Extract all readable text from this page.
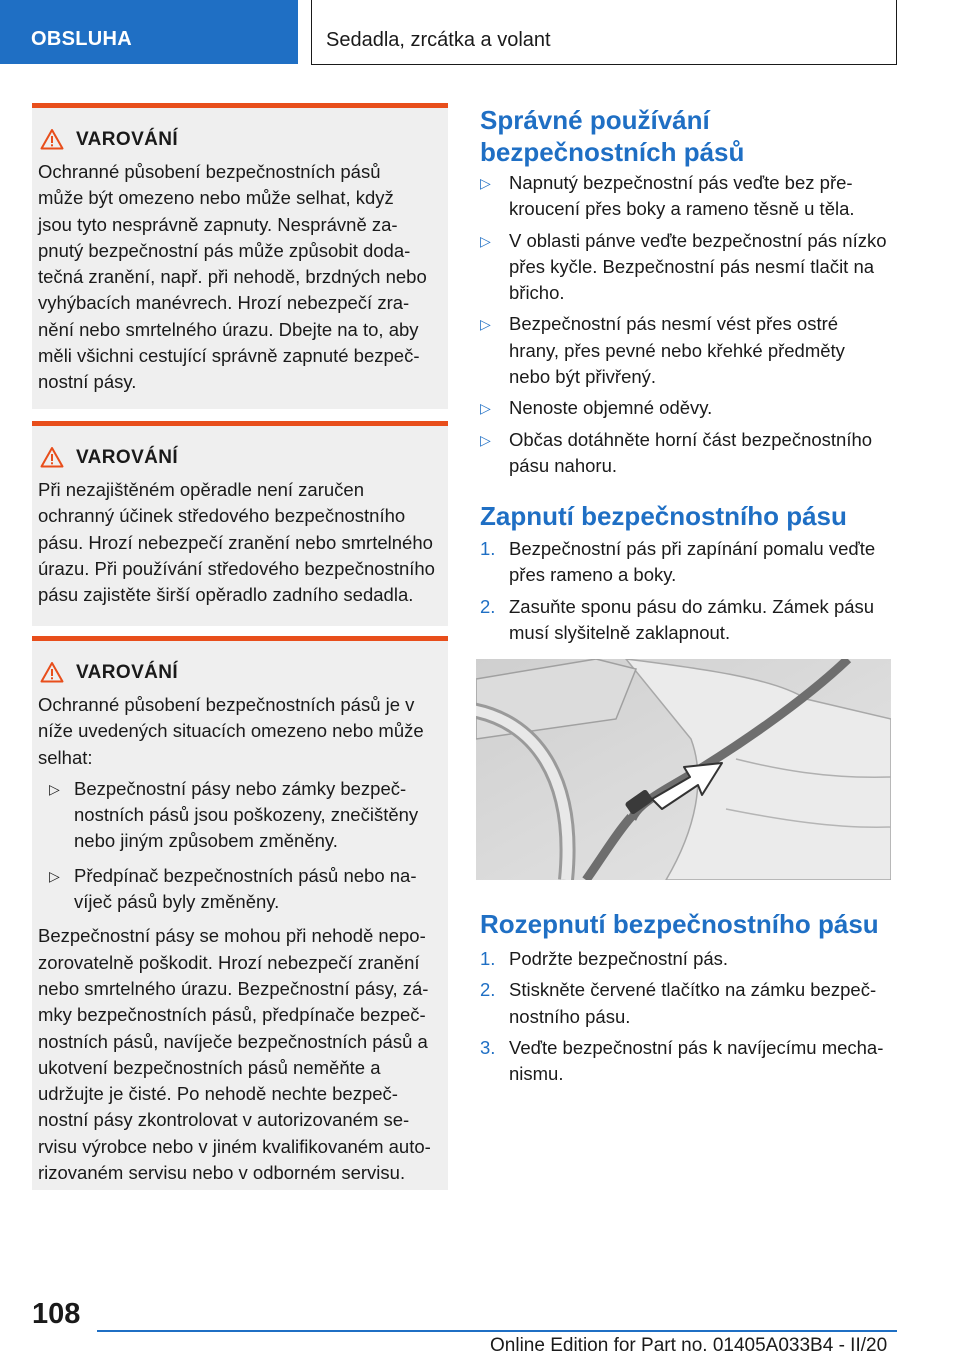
OBSLUHA	Sedadla, zrcátka a volant
VAROVÁNÍ

Ochranné působení bezpečnostních pásů
může být omezeno nebo může selhat, když
jsou tyto nesprávně zapnuty. Nesprávně za‐
pnutý bezpečnostní pás může způsobit doda‐
tečná zranění, např. při nehodě, brzdných nebo
vyhýbacích manévrech. Hrozí nebezpečí zra‐
nění nebo smrtelného úrazu. Dbejte na to, aby
měli všichni cestující správně zapnuté bezpeč‐
nostní pásy.

VAROVÁNÍ

Při nezajištěném opěradle není zaručen
ochranný účinek středového bezpečnostního
pásu. Hrozí nebezpečí zranění nebo smrtelného
úrazu. Při používání středového bezpečnostního
pásu zajistěte širší opěradlo zadního sedadla.

VAROVÁNÍ

Ochranné působení bezpečnostních pásů je v
níže uvedených situacích omezeno nebo může
selhat:

▷ Bezpečnostní pásy nebo zámky bezpeč‐
nostních pásů jsou poškozeny, znečištěny
nebo jiným způsobem změněny.
▷ Předpínač bezpečnostních pásů nebo na‐
víječ pásů byly změněny.

Bezpečnostní pásy se mohou při nehodě nepo‐
zorovatelně poškodit. Hrozí nebezpečí zranění
nebo smrtelného úrazu. Bezpečnostní pásy, zá‐
mky bezpečnostních pásů, předpínače bezpeč‐
nostních pásů, navíječe bezpečnostních pásů a
ukotvení bezpečnostních pásů neměňte a
udržujte je čisté. Po nehodě nechte bezpeč‐
nostní pásy zkontrolovat v autorizovaném se‐
rvisu výrobce nebo v jiném kvalifikovaném auto‐
rizovaném servisu nebo v odborném servisu.

Správné používání
bezpečnostních pásů
▷ Napnutý bezpečnostní pás veďte bez pře‐
kroucení přes boky a rameno těsně u těla.
▷ V oblasti pánve veďte bezpečnostní pás nízko
přes kyčle. Bezpečnostní pás nesmí tlačit na
břicho.
▷ Bezpečnostní pás nesmí vést přes ostré
hrany, přes pevné nebo křehké předměty
nebo být přivřený.
▷ Nenoste objemné oděvy.
▷ Občas dotáhněte horní část bezpečnostního
pásu nahoru.
Zapnutí bezpečnostního pásu
1. Bezpečnostní pás při zapínání pomalu veďte
přes rameno a boky.
2. Zasuňte sponu pásu do zámku. Zámek pásu
musí slyšitelně zaklapnout.
Rozepnutí bezpečnostního pásu
1. Podržte bezpečnostní pás.
2. Stiskněte červené tlačítko na zámku bezpeč‐
nostního pásu.
3. Veďte bezpečnostní pás k navíjecímu mecha‐
nismu.
108
Online Edition for Part no. 01405A033B4 - II/20
